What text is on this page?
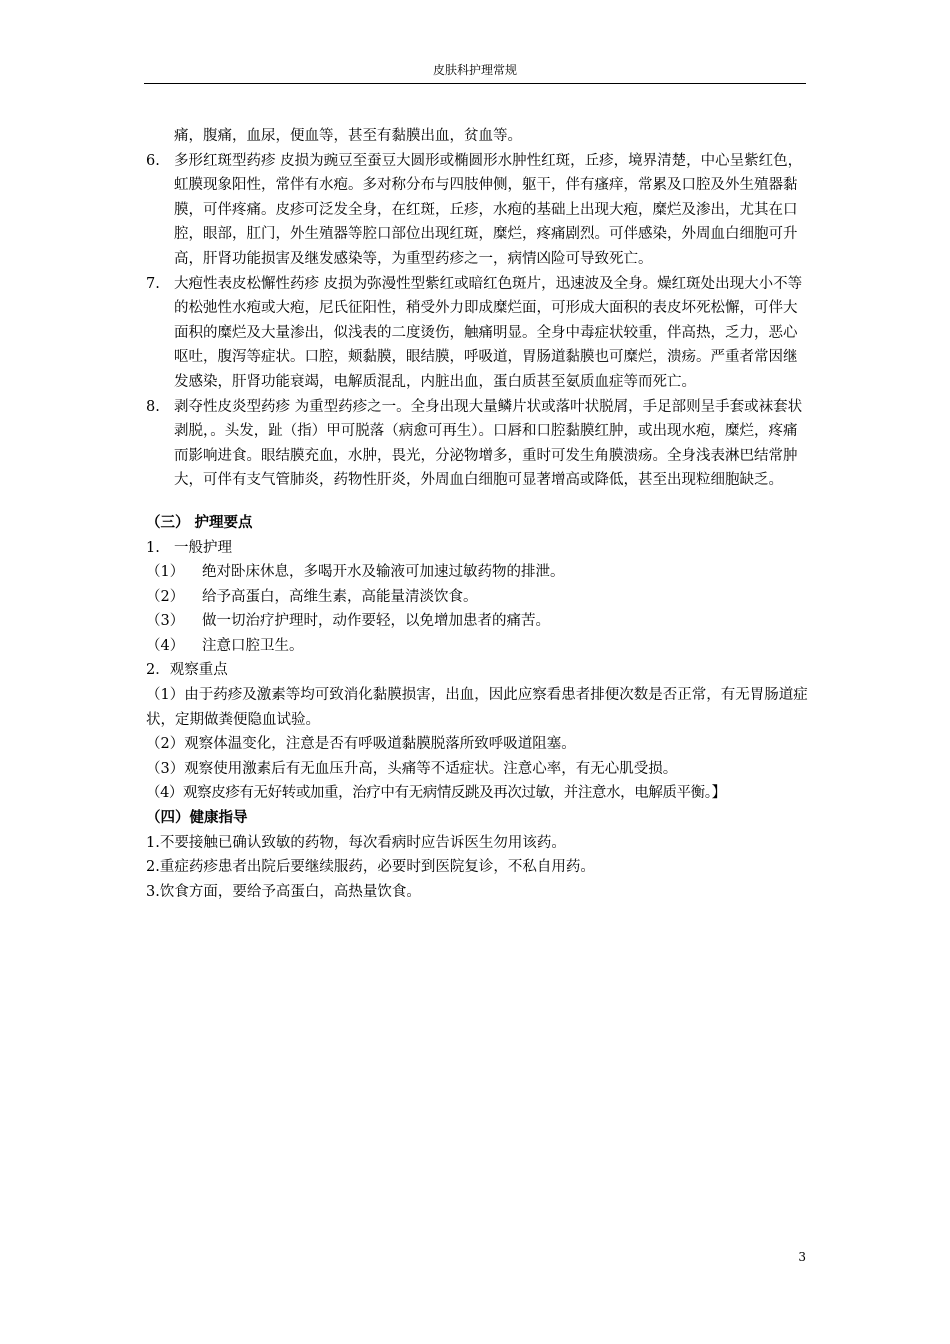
皮肤科护理常规
痛，腹痛，血尿，便血等，甚至有黏膜出血，贫血等。
6. 多形红斑型药疹 皮损为豌豆至蚕豆大圆形或椭圆形水肿性红斑，丘疹，境界清楚，中心呈紫红色，虹膜现象阳性，常伴有水疱。多对称分布与四肢伸侧，躯干，伴有瘙痒，常累及口腔及外生殖器黏膜，可伴疼痛。皮疹可泛发全身，在红斑，丘疹，水疱的基础上出现大疱，糜烂及渗出，尤其在口腔，眼部，肛门，外生殖器等腔口部位出现红斑，糜烂，疼痛剧烈。可伴感染，外周血白细胞可升高，肝肾功能损害及继发感染等，为重型药疹之一，病情凶险可导致死亡。
7. 大疱性表皮松懈性药疹 皮损为弥漫性型紫红或暗红色斑片，迅速波及全身。燥红斑处出现大小不等的松弛性水疱或大疱，尼氏征阳性，稍受外力即成糜烂面，可形成大面积的表皮坏死松懈，可伴大面积的糜烂及大量渗出，似浅表的二度烫伤，触痛明显。全身中毒症状较重，伴高热，乏力，恶心呕吐，腹泻等症状。口腔，颊黏膜，眼结膜，呼吸道，胃肠道黏膜也可糜烂，溃疡。严重者常因继发感染，肝肾功能衰竭，电解质混乱，内脏出血，蛋白质甚至氨质血症等而死亡。
8. 剥夺性皮炎型药疹 为重型药疹之一。全身出现大量鳞片状或落叶状脱屑，手足部则呈手套或袜套状剥脱，。头发，趾（指）甲可脱落（病愈可再生）。口唇和口腔黏膜红肿，或出现水疱，糜烂，疼痛而影响进食。眼结膜充血，水肿，畏光，分泌物增多，重时可发生角膜溃疡。全身浅表淋巴结常肿大，可伴有支气管肺炎，药物性肝炎，外周血白细胞可显著增高或降低，甚至出现粒细胞缺乏。
（三） 护理要点
1. 一般护理
（1）	绝对卧床休息，多喝开水及输液可加速过敏药物的排泄。
（2）	给予高蛋白，高维生素，高能量清淡饮食。
（3）	做一切治疗护理时，动作要轻，以免增加患者的痛苦。
（4）	注意口腔卫生。
2．观察重点
（1）由于药疹及激素等均可致消化黏膜损害，出血，因此应察看患者排便次数是否正常，有无胃肠道症状，定期做粪便隐血试验。
（2）观察体温变化，注意是否有呼吸道黏膜脱落所致呼吸道阻塞。
（3）观察使用激素后有无血压升高，头痛等不适症状。注意心率，有无心肌受损。
（4）观察皮疹有无好转或加重，治疗中有无病情反跳及再次过敏，并注意水，电解质平衡。】
（四）健康指导
1.不要接触已确认致敏的药物，每次看病时应告诉医生勿用该药。
2.重症药疹患者出院后要继续服药，必要时到医院复诊，不私自用药。
3.饮食方面，要给予高蛋白，高热量饮食。
3
